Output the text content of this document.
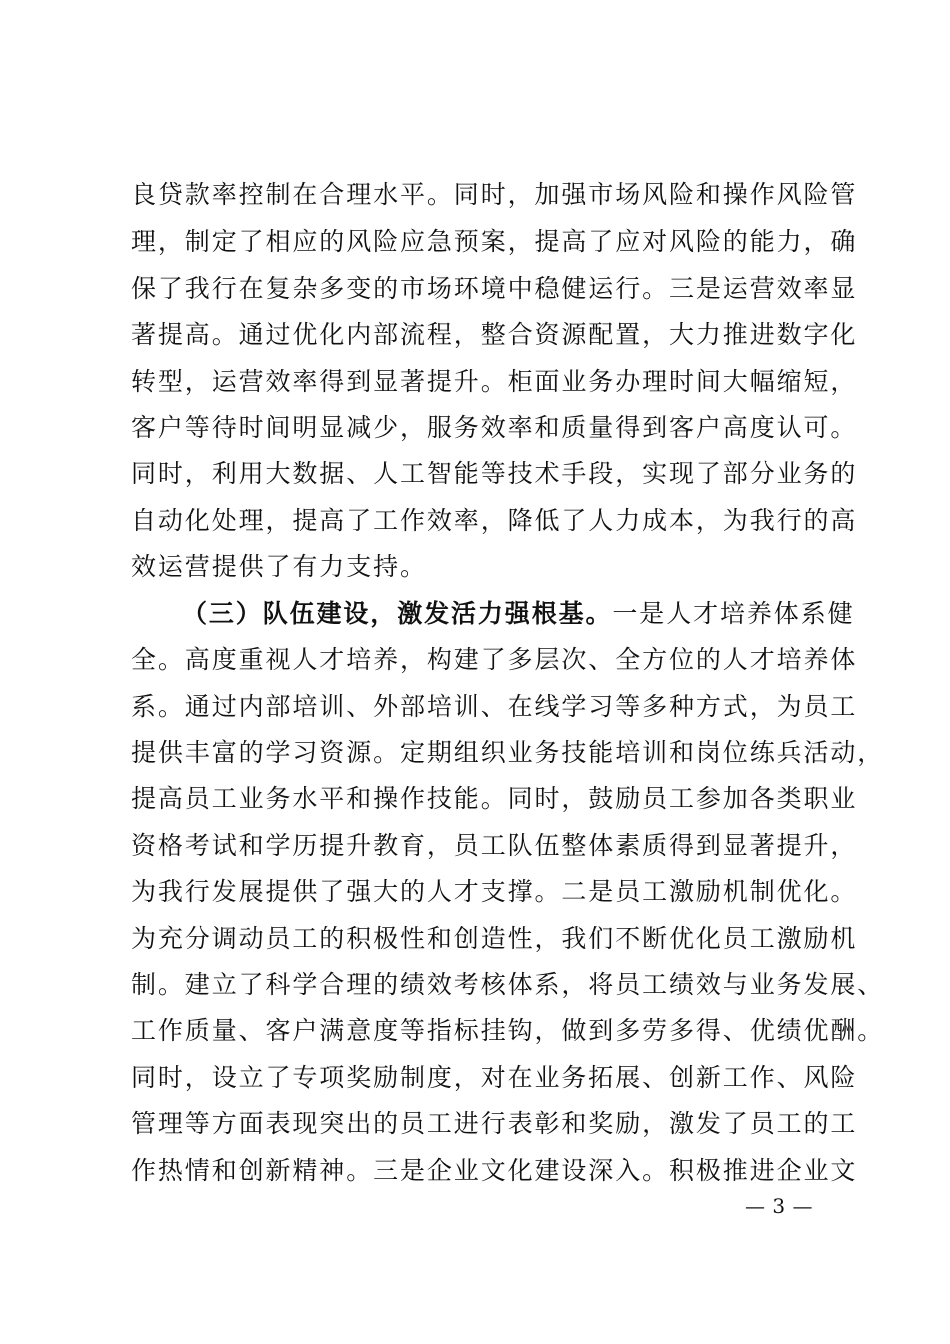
良贷款率控制在合理水平。同时，加强市场风险和操作风险管
理，制定了相应的风险应急预案，提高了应对风险的能力，确
保了我行在复杂多变的市场环境中稳健运行。三是运营效率显
著提高。通过优化内部流程，整合资源配置，大力推进数字化
转型，运营效率得到显著提升。柜面业务办理时间大幅缩短，
客户等待时间明显减少，服务效率和质量得到客户高度认可。
同时，利用大数据、人工智能等技术手段，实现了部分业务的
自动化处理，提高了工作效率，降低了人力成本，为我行的高
效运营提供了有力支持。
（三）队伍建设，激发活力强根基。一是人才培养体系健
全。高度重视人才培养，构建了多层次、全方位的人才培养体
系。通过内部培训、外部培训、在线学习等多种方式，为员工
提供丰富的学习资源。定期组织业务技能培训和岗位练兵活动，
提高员工业务水平和操作技能。同时，鼓励员工参加各类职业
资格考试和学历提升教育，员工队伍整体素质得到显著提升，
为我行发展提供了强大的人才支撑。二是员工激励机制优化。
为充分调动员工的积极性和创造性，我们不断优化员工激励机
制。建立了科学合理的绩效考核体系，将员工绩效与业务发展、
工作质量、客户满意度等指标挂钩，做到多劳多得、优绩优酬。
同时，设立了专项奖励制度，对在业务拓展、创新工作、风险
管理等方面表现突出的员工进行表彰和奖励，激发了员工的工
作热情和创新精神。三是企业文化建设深入。积极推进企业文
— 3 —
